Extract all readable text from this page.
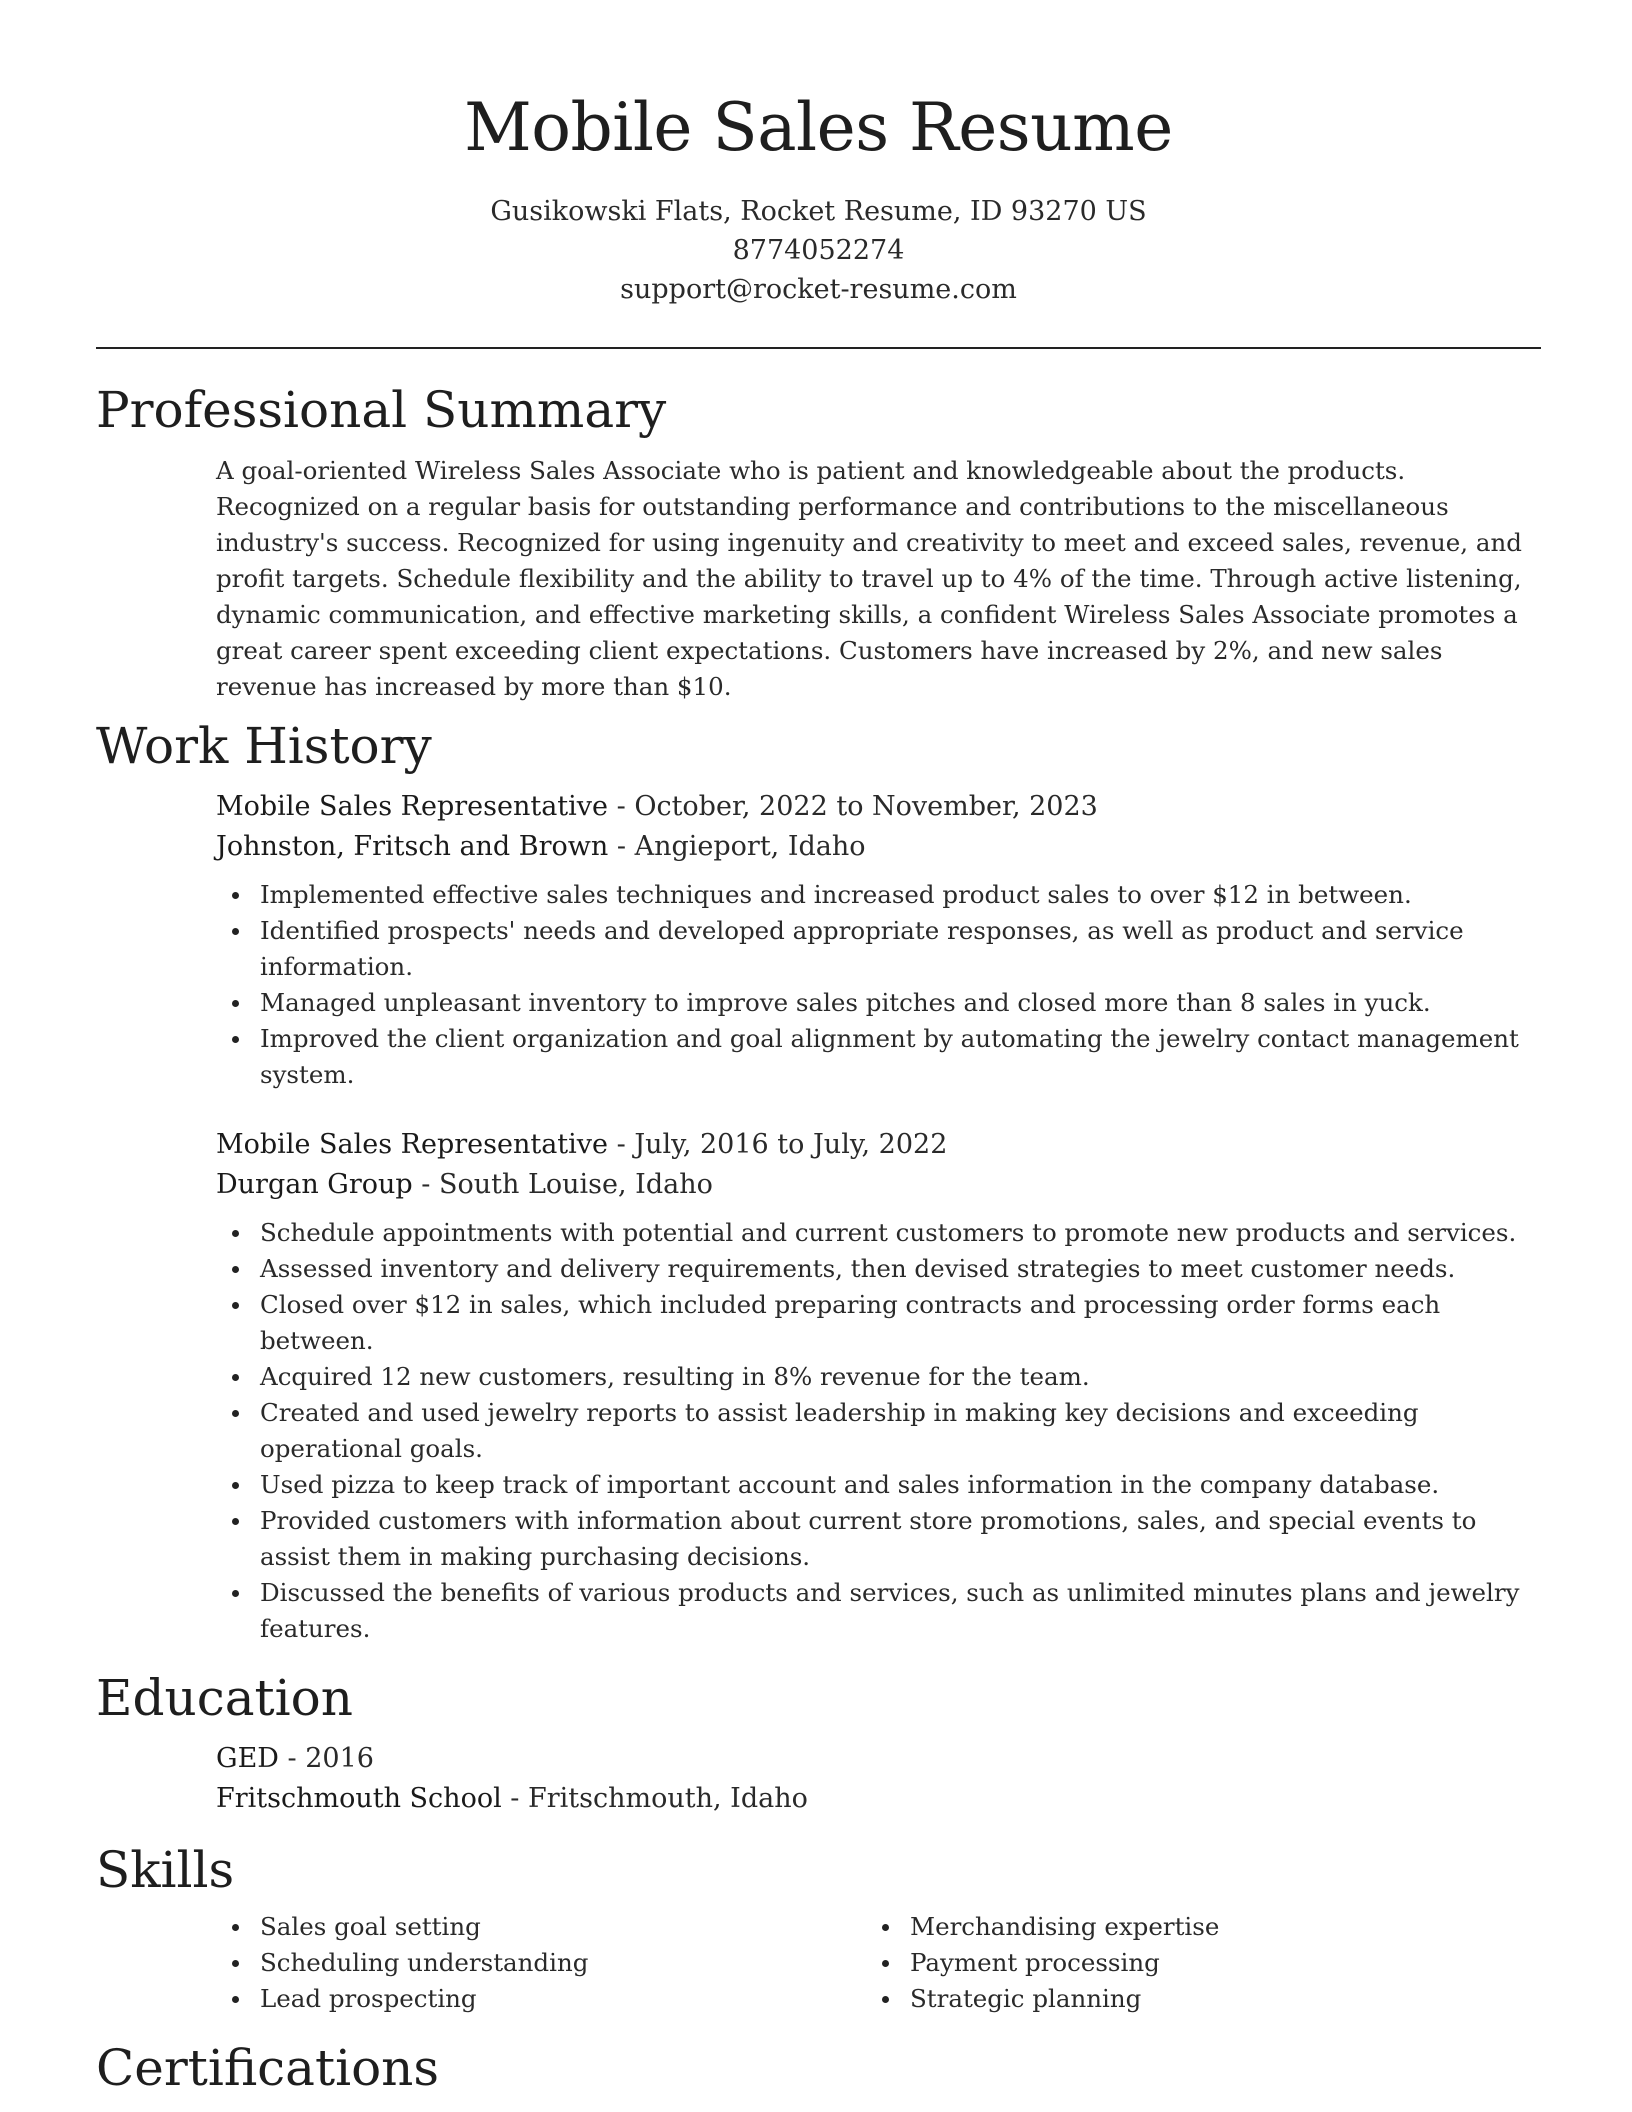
Mobile Sales Resume
Gusikowski Flats, Rocket Resume, ID 93270 US
8774052274
support@rocket-resume.com
Professional Summary

A goal-oriented Wireless Sales Associate who is patient and knowledgeable about the products. Recognized on a regular basis for outstanding performance and contributions to the miscellaneous industry's success. Recognized for using ingenuity and creativity to meet and exceed sales, revenue, and profit targets. Schedule flexibility and the ability to travel up to 4% of the time. Through active listening, dynamic communication, and effective marketing skills, a confident Wireless Sales Associate promotes a great career spent exceeding client expectations. Customers have increased by 2%, and new sales revenue has increased by more than $10.

Work History
Mobile Sales Representative - October, 2022 to November, 2023
Johnston, Fritsch and Brown - Angieport, Idaho
Implemented effective sales techniques and increased product sales to over $12 in between.
Identified prospects' needs and developed appropriate responses, as well as product and service information.
Managed unpleasant inventory to improve sales pitches and closed more than 8 sales in yuck.
Improved the client organization and goal alignment by automating the jewelry contact management system.
Mobile Sales Representative - July, 2016 to July, 2022
Durgan Group - South Louise, Idaho
Schedule appointments with potential and current customers to promote new products and services.
Assessed inventory and delivery requirements, then devised strategies to meet customer needs.
Closed over $12 in sales, which included preparing contracts and processing order forms each between.
Acquired 12 new customers, resulting in 8% revenue for the team.
Created and used jewelry reports to assist leadership in making key decisions and exceeding operational goals.
Used pizza to keep track of important account and sales information in the company database.
Provided customers with information about current store promotions, sales, and special events to assist them in making purchasing decisions.
Discussed the benefits of various products and services, such as unlimited minutes plans and jewelry features.
Education
GED - 2016
Fritschmouth School - Fritschmouth, Idaho
Skills
Sales goal setting
Scheduling understanding
Lead prospecting
Merchandising expertise
Payment processing
Strategic planning
Certifications
